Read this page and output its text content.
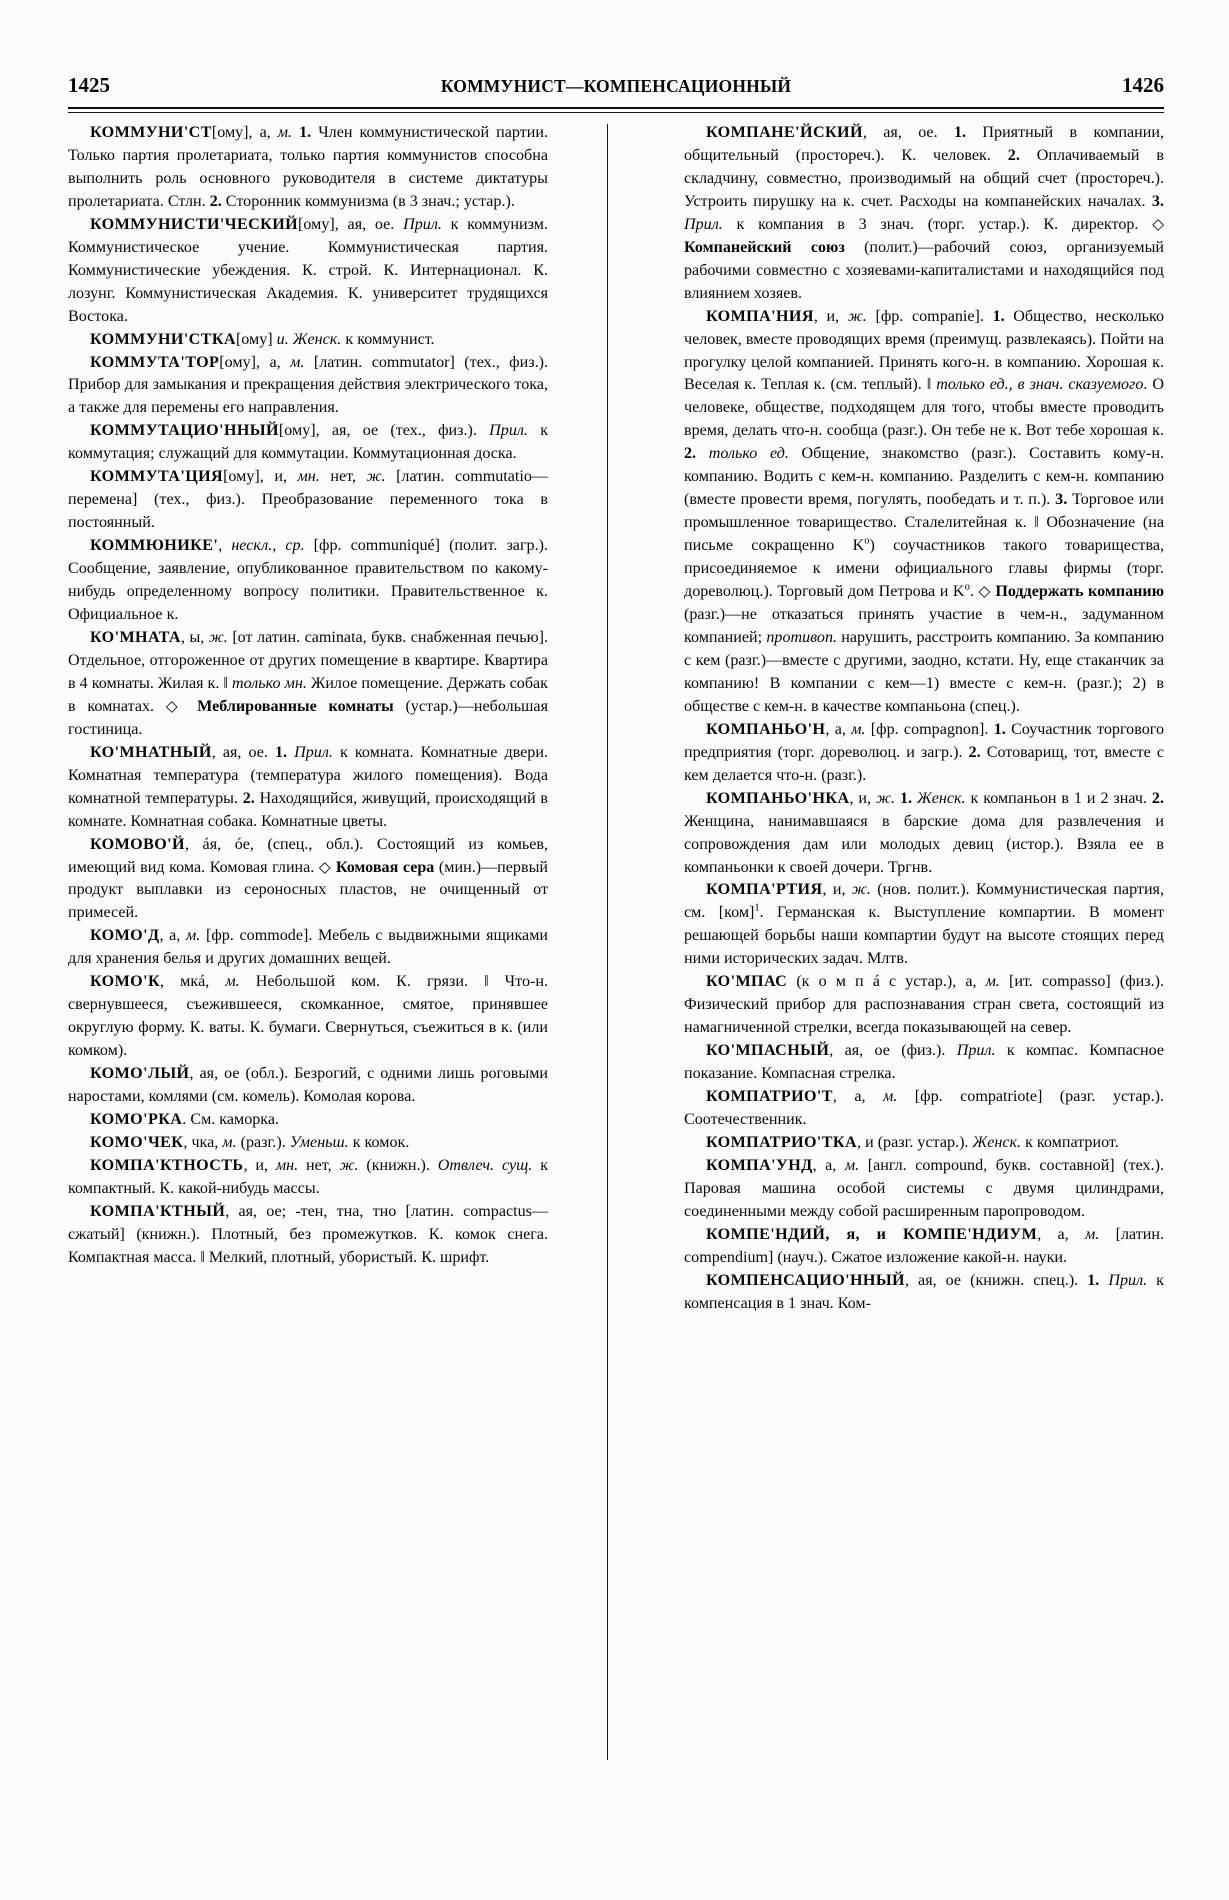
1425	КОММУНИСТ—КОМПЕНСАЦИОННЫЙ	1426

КОММУНИ'СТ[ому], а, м. 1. Член коммунистической партии. Только партия пролетариата, только партия коммунистов способна выполнить роль основного руководителя в системе диктатуры пролетариата. Стлн. 2. Сторонник коммунизма (в 3 знач.; устар.).

КОММУНИСТИ'ЧЕСКИЙ[ому], ая, ое. Прил. к коммунизм. Коммунистическое учение. Коммунистическая партия. Коммунистические убеждения. К. строй. К. Интернационал. К. лозунг. Коммунистическая Академия. К. университет трудящихся Востока.

КОММУНИ'СТКА[ому] и. Женск. к коммунист.

КОММУТА'ТОР[ому], а, м. [латин. commutator] (тех., физ.). Прибор для замыкания и прекращения действия электрического тока, а также для перемены его направления.

КОММУТАЦИО'ННЫЙ[ому], ая, ое (тех., физ.). Прил. к коммутация; служащий для коммутации. Коммутационная доска.

КОММУТА'ЦИЯ[ому], и, мн. нет, ж. [латин. commutatio—перемена] (тех., физ.). Преобразование переменного тока в постоянный.

КОММЮНИКЕ', нескл., ср. [фр. communiqué] (полит. загр.). Сообщение, заявление, опубликованное правительством по какому-нибудь определенному вопросу политики. Правительственное к. Официальное к.

КО'МНАТА, ы, ж. [от латин. caminata, букв. снабженная печью]. Отдельное, отгороженное от других помещение в квартире. Квартира в 4 комнаты. Жилая к. ‖ только мн. Жилое помещение. Держать собак в комнатах. ◇ Меблированные комнаты (устар.)—небольшая гостиница.

КО'МНАТНЫЙ, ая, ое. 1. Прил. к комната. Комнатные двери. Комнатная температура (температура жилого помещения). Вода комнатной температуры. 2. Находящийся, живущий, происходящий в комнате. Комнатная собака. Комнатные цветы.

КОМОВО'Й, áя, óе, (спец., обл.). Состоящий из комьев, имеющий вид кома. Комовая глина. ◇ Комовая сера (мин.)—первый продукт выплавки из сероносных пластов, не очищенный от примесей.

КОМО'Д, а, м. [фр. commode]. Мебель с выдвижными ящиками для хранения белья и других домашних вещей.

КОМО'К, мкá, м. Небольшой ком. К. грязи. ‖ Что-н. свернувшееся, съежившееся, скомканное, смятое, принявшее округлую форму. К. ваты. К. бумаги. Свернуться, съежиться в к. (или комком).

КОМО'ЛЫЙ, ая, ое (обл.). Безрогий, с одними лишь роговыми наростами, комлями (см. комель). Комолая корова.

КОМО'РКА. См. каморка.

КОМО'ЧЕК, чка, м. (разг.). Уменьш. к комок.

КОМПА'КТНОСТЬ, и, мн. нет, ж. (книжн.). Отвлеч. сущ. к компактный. К. какой-нибудь массы.

КОМПА'КТНЫЙ, ая, ое; -тен, тна, тно [латин. compactus—сжатый] (книжн.). Плотный, без промежутков. К. комок снега. Компактная масса. ‖ Мелкий, плотный, убористый. К. шрифт.

КОМПАНЕ'ЙСКИЙ, ая, ое. 1. Приятный в компании, общительный (простореч.). К. человек. 2. Оплачиваемый в складчину, совместно, производимый на общий счет (простореч.). Устроить пирушку на к. счет. Расходы на компанейских началах. 3. Прил. к компания в 3 знач. (торг. устар.). К. директор. ◇ Компанейский союз (полит.)—рабочий союз, организуемый рабочими совместно с хозяевами-капиталистами и находящийся под влиянием хозяев.

КОМПА'НИЯ, и, ж. [фр. companie]. 1. Общество, несколько человек, вместе проводящих время (преимущ. развлекаясь). Пойти на прогулку целой компанией. Принять кого-н. в компанию. Хорошая к. Веселая к. Теплая к. (см. теплый). ‖ только ед., в знач. сказуемого. О человеке, обществе, подходящем для того, чтобы вместе проводить время, делать что-н. сообща (разг.). Он тебе не к. Вот тебе хорошая к. 2. только ед. Общение, знакомство (разг.). Составить кому-н. компанию. Водить с кем-н. компанию. Разделить с кем-н. компанию (вместе провести время, погулять, пообедать и т. п.). 3. Торговое или промышленное товарищество. Сталелитейная к. ‖ Обозначение (на письме сокращенно $K^o$) соучастников такого товарищества, присоединяемое к имени официального главы фирмы (торг. дореволюц.). Торговый дом Петрова и $K^o$. ◇ Поддержать компанию (разг.)—не отказаться принять участие в чем-н., задуманном компанией; противоп. нарушить, расстроить компанию. За компанию с кем (разг.)—вместе с другими, заодно, кстати. Ну, еще стаканчик за компанию! В компании с кем—1) вместе с кем-н. (разг.); 2) в обществе с кем-н. в качестве компаньона (спец.).

КОМПАНЬО'Н, а, м. [фр. compagnon]. 1. Соучастник торгового предприятия (торг. дореволюц. и загр.). 2. Сотоварищ, тот, вместе с кем делается что-н. (разг.).

КОМПАНЬО'НКА, и, ж. 1. Женск. к компаньон в 1 и 2 знач. 2. Женщина, нанимавшаяся в барские дома для развлечения и сопровождения дам или молодых девиц (истор.). Взяла ее в компаньонки к своей дочери. Тргнв.

КОМПА'РТИЯ, и, ж. (нов. полит.). Коммунистическая партия, см. [ком]$^1$. Германская к. Выступление компартии. В момент решающей борьбы наши компартии будут на высоте стоящих перед ними исторических задач. Млтв.

КО'МПАС (к о м п á с устар.), а, м. [ит. compasso] (физ.). Физический прибор для распознавания стран света, состоящий из намагниченной стрелки, всегда показывающей на север.

КО'МПАСНЫЙ, ая, ое (физ.). Прил. к компас. Компасное показание. Компасная стрелка.

КОМПАТРИО'Т, а, м. [фр. compatriote] (разг. устар.). Соотечественник.

КОМПАТРИО'ТКА, и (разг. устар.). Женск. к компатриот.

КОМПА'УНД, а, м. [англ. compound, букв. составной] (тех.). Паровая машина особой системы с двумя цилиндрами, соединенными между собой расширенным паропроводом.

КОМПЕ'НДИЙ, я, и КОМПЕ'НДИУМ, а, м. [латин. compendium] (науч.). Сжатое изложение какой-н. науки.

КОМПЕНСАЦИО'ННЫЙ, ая, ое (книжн. спец.). 1. Прил. к компенсация в 1 знач. Ком-
